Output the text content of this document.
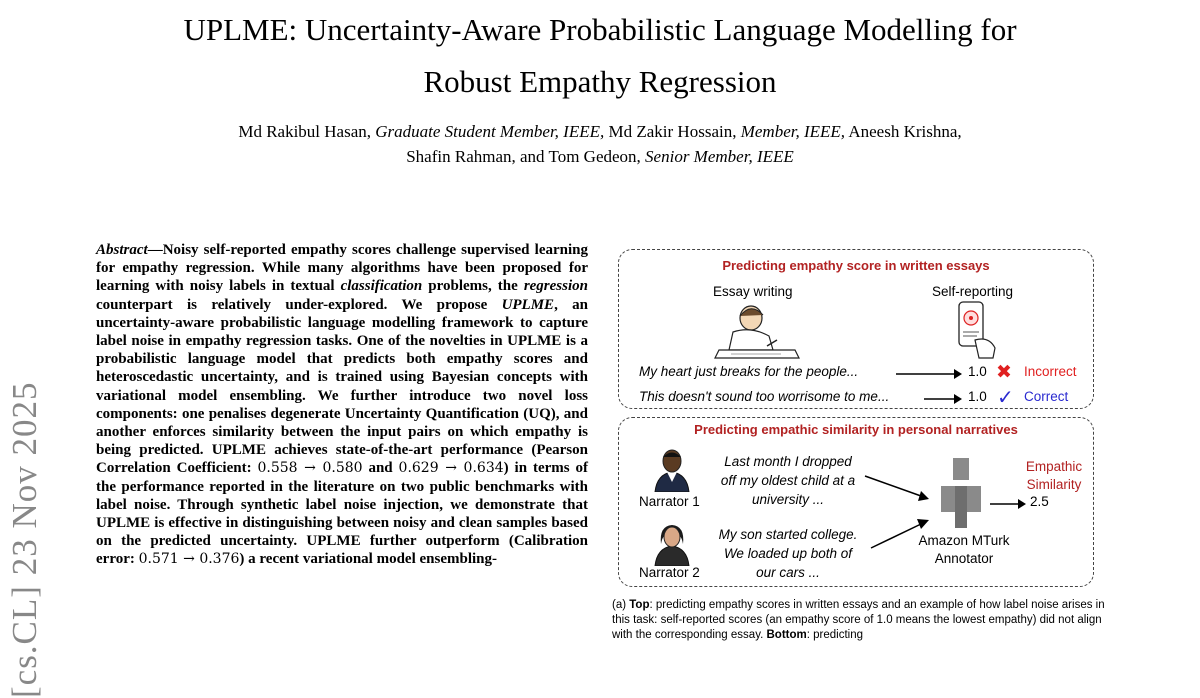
UPLME: Uncertainty-Aware Probabilistic Language Modelling for
Robust Empathy Regression
Md Rakibul Hasan, Graduate Student Member, IEEE, Md Zakir Hossain, Member, IEEE, Aneesh Krishna,
Shafin Rahman, and Tom Gedeon, Senior Member, IEEE
[cs.CL] 23 Nov 2025
Abstract—Noisy self-reported empathy scores challenge supervised learning for empathy regression. While many algorithms have been proposed for learning with noisy labels in textual classification problems, the regression counterpart is relatively under-explored. We propose UPLME, an uncertainty-aware probabilistic language modelling framework to capture label noise in empathy regression tasks. One of the novelties in UPLME is a probabilistic language model that predicts both empathy scores and heteroscedastic uncertainty, and is trained using Bayesian concepts with variational model ensembling. We further introduce two novel loss components: one penalises degenerate Uncertainty Quantification (UQ), and another enforces similarity between the input pairs on which empathy is being predicted. UPLME achieves state-of-the-art performance (Pearson Correlation Coefficient: 0.558 → 0.580 and 0.629 → 0.634) in terms of the performance reported in the literature on two public benchmarks with label noise. Through synthetic label noise injection, we demonstrate that UPLME is effective in distinguishing between noisy and clean samples based on the predicted uncertainty. UPLME further outperform (Calibration error: 0.571 → 0.376) a recent variational model ensembling-
Predicting empathy score in written essays
Essay writing	Self-reporting
My heart just breaks for the people...	1.0 ✖ Incorrect
This doesn't sound too worrisome to me...	1.0 ✓ Correct
Predicting empathic similarity in personal narratives
Narrator 1
Last month I dropped
off my oldest child at a
university ...
Narrator 2
My son started college.
We loaded up both of
our cars ...
Amazon MTurk
Annotator
Empathic
Similarity
2.5
(a) Top: predicting empathy scores in written essays and an example of how label noise arises in this task: self-reported scores (an empathy score of 1.0 means the lowest empathy) did not align with the corresponding essay. Bottom: predicting
